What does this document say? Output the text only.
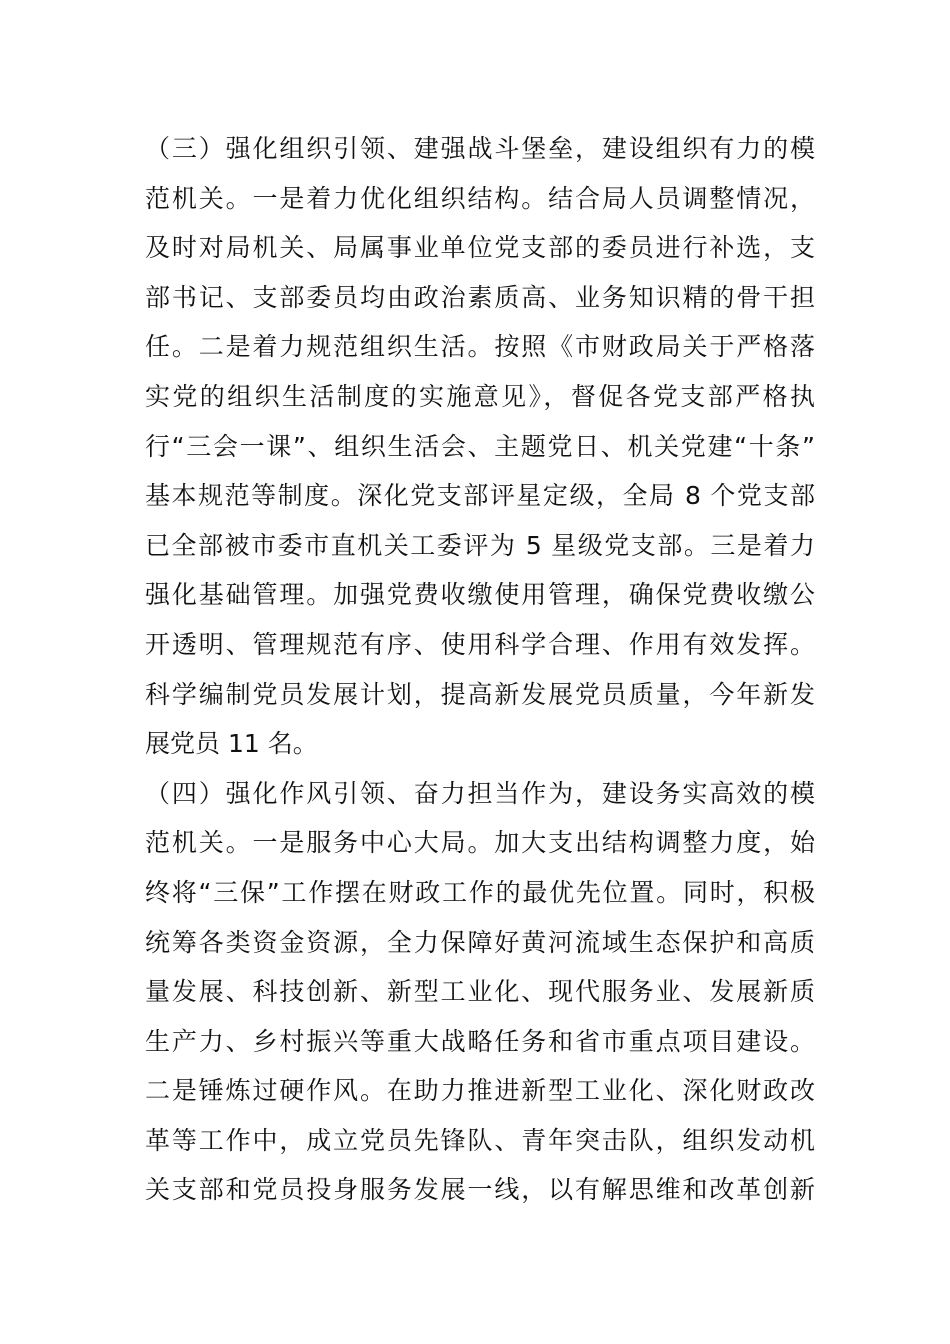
（三）强化组织引领、建强战斗堡垒，建设组织有力的模
范机关。一是着力优化组织结构。结合局人员调整情况，
及时对局机关、局属事业单位党支部的委员进行补选，支
部书记、支部委员均由政治素质高、业务知识精的骨干担
任。二是着力规范组织生活。按照《市财政局关于严格落
实党的组织生活制度的实施意见》，督促各党支部严格执
行“三会一课”、组织生活会、主题党日、机关党建“十条”
基本规范等制度。深化党支部评星定级，全局 8 个党支部
已全部被市委市直机关工委评为 5 星级党支部。三是着力
强化基础管理。加强党费收缴使用管理，确保党费收缴公
开透明、管理规范有序、使用科学合理、作用有效发挥。
科学编制党员发展计划，提高新发展党员质量，今年新发
展党员 11 名。
（四）强化作风引领、奋力担当作为，建设务实高效的模
范机关。一是服务中心大局。加大支出结构调整力度，始
终将“三保”工作摆在财政工作的最优先位置。同时，积极
统筹各类资金资源，全力保障好黄河流域生态保护和高质
量发展、科技创新、新型工业化、现代服务业、发展新质
生产力、乡村振兴等重大战略任务和省市重点项目建设。
二是锤炼过硬作风。在助力推进新型工业化、深化财政改
革等工作中，成立党员先锋队、青年突击队，组织发动机
关支部和党员投身服务发展一线，以有解思维和改革创新
